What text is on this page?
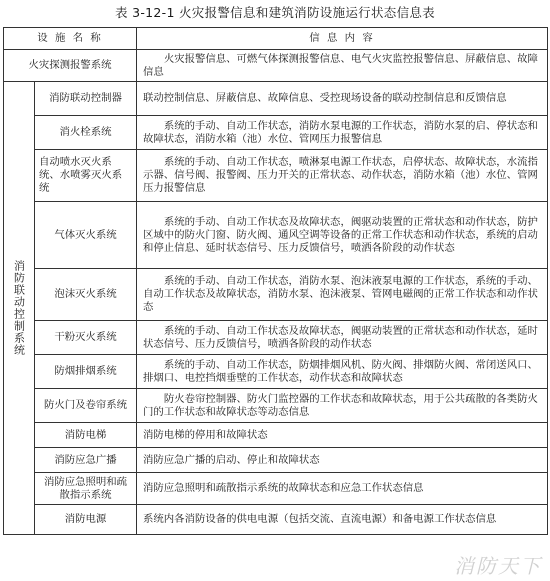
表 3-12-1 火灾报警信息和建筑消防设施运行状态信息表
设 施 名 称		信 息 内 容
火灾探测报警系统		火灾报警信息、可燃气体探测报警信息、电气火灾监控报警信息、屏蔽信息、故障信息

消防联动控制系统	消防联动控制器	联动控制信息、屏蔽信息、故障信息、受控现场设备的联动控制信息和反馈信息
	消火栓系统	系统的手动、自动工作状态，消防水泵电源的工作状态，消防水泵的启、停状态和故障状态，消防水箱（池）水位、管网压力报警信息

	自动喷水灭火系统、水喷雾灭火系统	系统的手动、自动工作状态，喷淋泵电源工作状态，启停状态、故障状态，水流指示器、信号阀、报警阀、压力开关的正常状态、动作状态，消防水箱（池）水位、管网压力报警信息

	气体灭火系统	系统的手动、自动工作状态及故障状态，阀驱动装置的正常状态和动作状态，防护区域中的防火门窗、防火阀、通风空调等设备的正常工作状态和动作状态，系统的启动和停止信息、延时状态信号、压力反馈信号，喷洒各阶段的动作状态

	泡沫灭火系统	系统的手动、自动工作状态，消防水泵、泡沫液泵电源的工作状态，系统的手动、自动工作状态及故障状态，消防水泵、泡沫液泵、管网电磁阀的正常工作状态和动作状态

	干粉灭火系统	系统的手动、自动工作状态及故障状态，阀驱动装置的正常状态和动作状态，延时状态信号、压力反馈信号，喷洒各阶段的动作状态

	防烟排烟系统	系统的手动、自动工作状态，防烟排烟风机、防火阀、排烟防火阀、常闭送风口、排烟口、电控挡烟垂壁的工作状态，动作状态和故障状态

	防火门及卷帘系统	防火卷帘控制器、防火门监控器的工作状态和故障状态，用于公共疏散的各类防火门的工作状态和故障状态等动态信息

	消防电梯	消防电梯的停用和故障状态
	消防应急广播	消防应急广播的启动、停止和故障状态
	消防应急照明和疏散指示系统	消防应急照明和疏散指示系统的故障状态和应急工作状态信息
	消防电源	系统内各消防设备的供电电源（包括交流、直流电源）和备电源工作状态信息
消防天下
